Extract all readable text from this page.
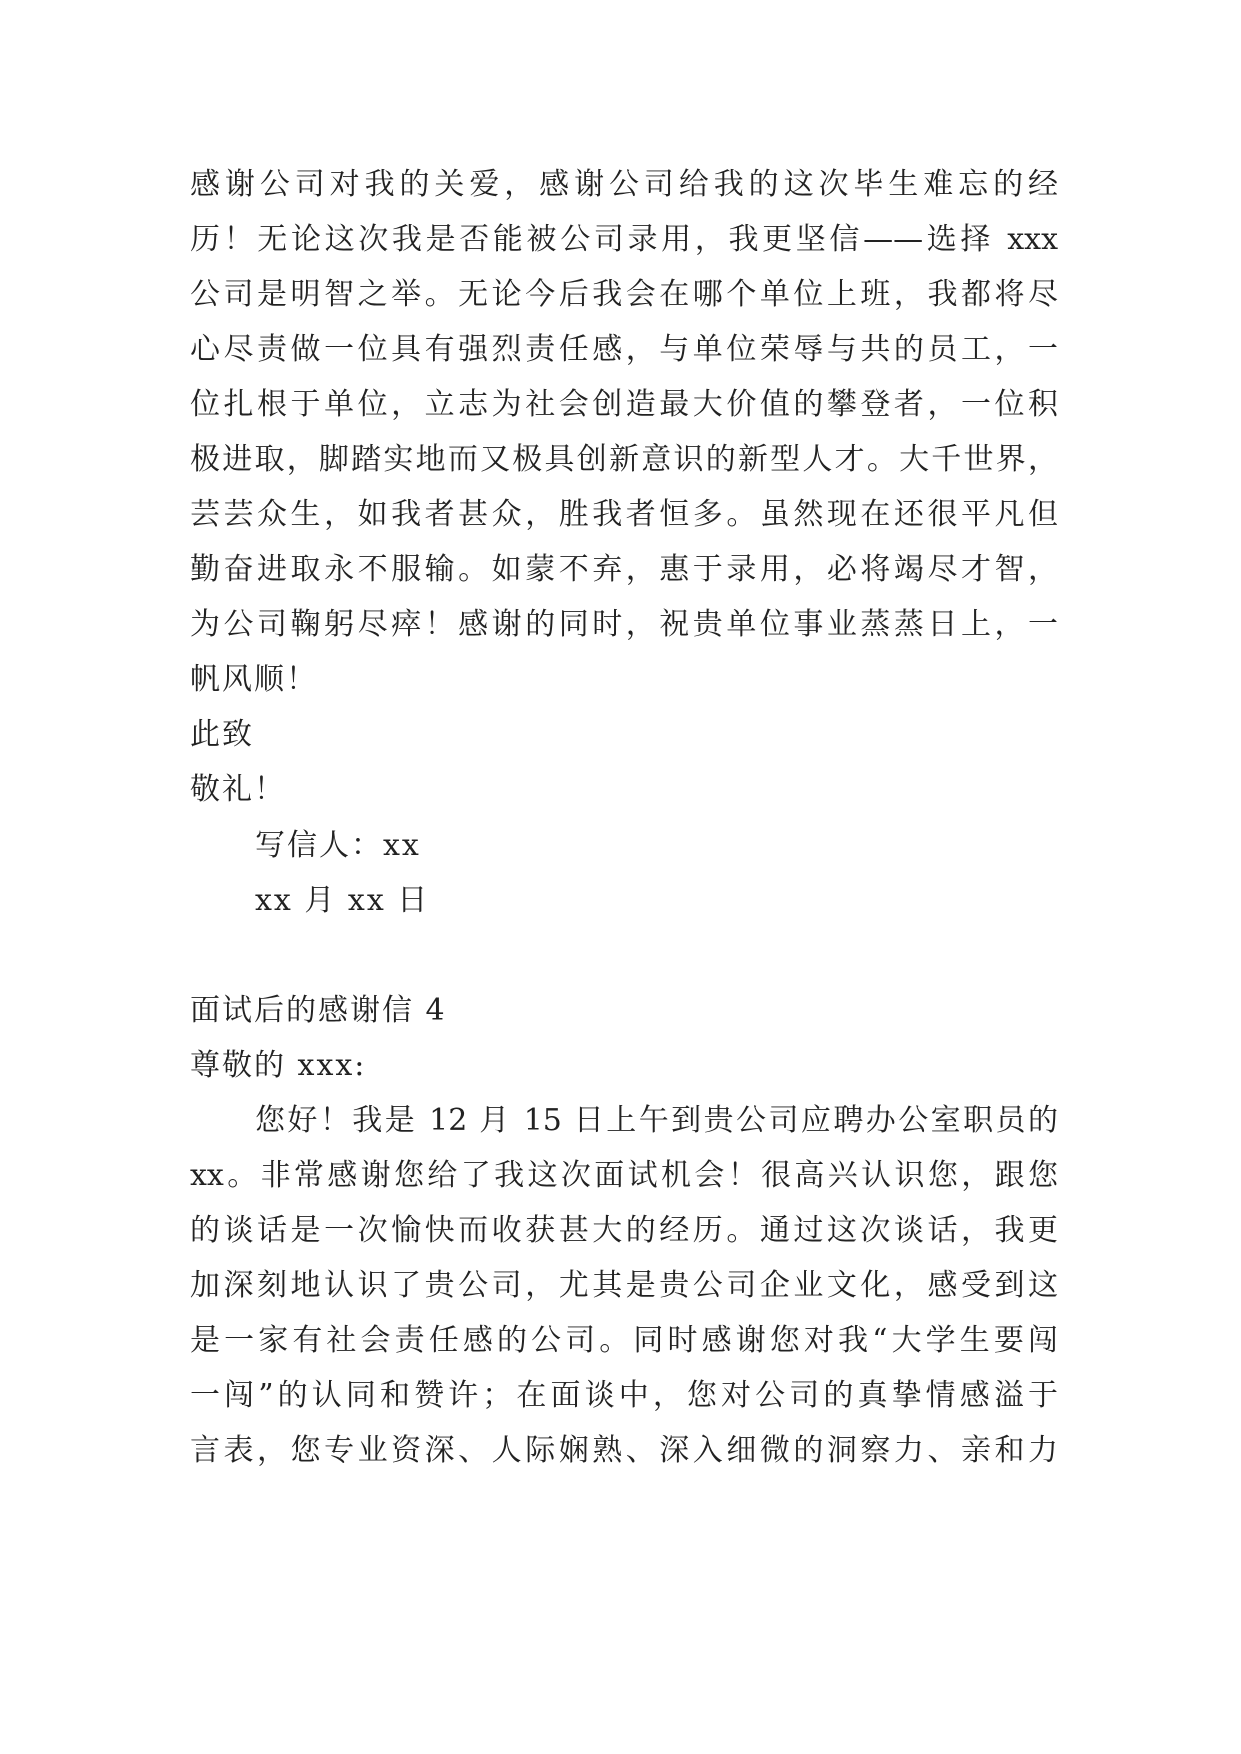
感谢公司对我的关爱，感谢公司给我的这次毕生难忘的经
历！无论这次我是否能被公司录用，我更坚信——选择 xxx
公司是明智之举。无论今后我会在哪个单位上班，我都将尽
心尽责做一位具有强烈责任感，与单位荣辱与共的员工，一
位扎根于单位，立志为社会创造最大价值的攀登者，一位积
极进取，脚踏实地而又极具创新意识的新型人才。大千世界，
芸芸众生，如我者甚众，胜我者恒多。虽然现在还很平凡但
勤奋进取永不服输。如蒙不弃，惠于录用，必将竭尽才智，
为公司鞠躬尽瘁！感谢的同时，祝贵单位事业蒸蒸日上，一
帆风顺！
此致
敬礼！
写信人：xx
xx 月 xx 日
面试后的感谢信 4
尊敬的 xxx:
您好！我是 12 月 15 日上午到贵公司应聘办公室职员的
xx。非常感谢您给了我这次面试机会！很高兴认识您，跟您
的谈话是一次愉快而收获甚大的经历。通过这次谈话，我更
加深刻地认识了贵公司，尤其是贵公司企业文化，感受到这
是一家有社会责任感的公司。同时感谢您对我“大学生要闯
一闯”的认同和赞许；在面谈中，您对公司的真挚情感溢于
言表，您专业资深、人际娴熟、深入细微的洞察力、亲和力
